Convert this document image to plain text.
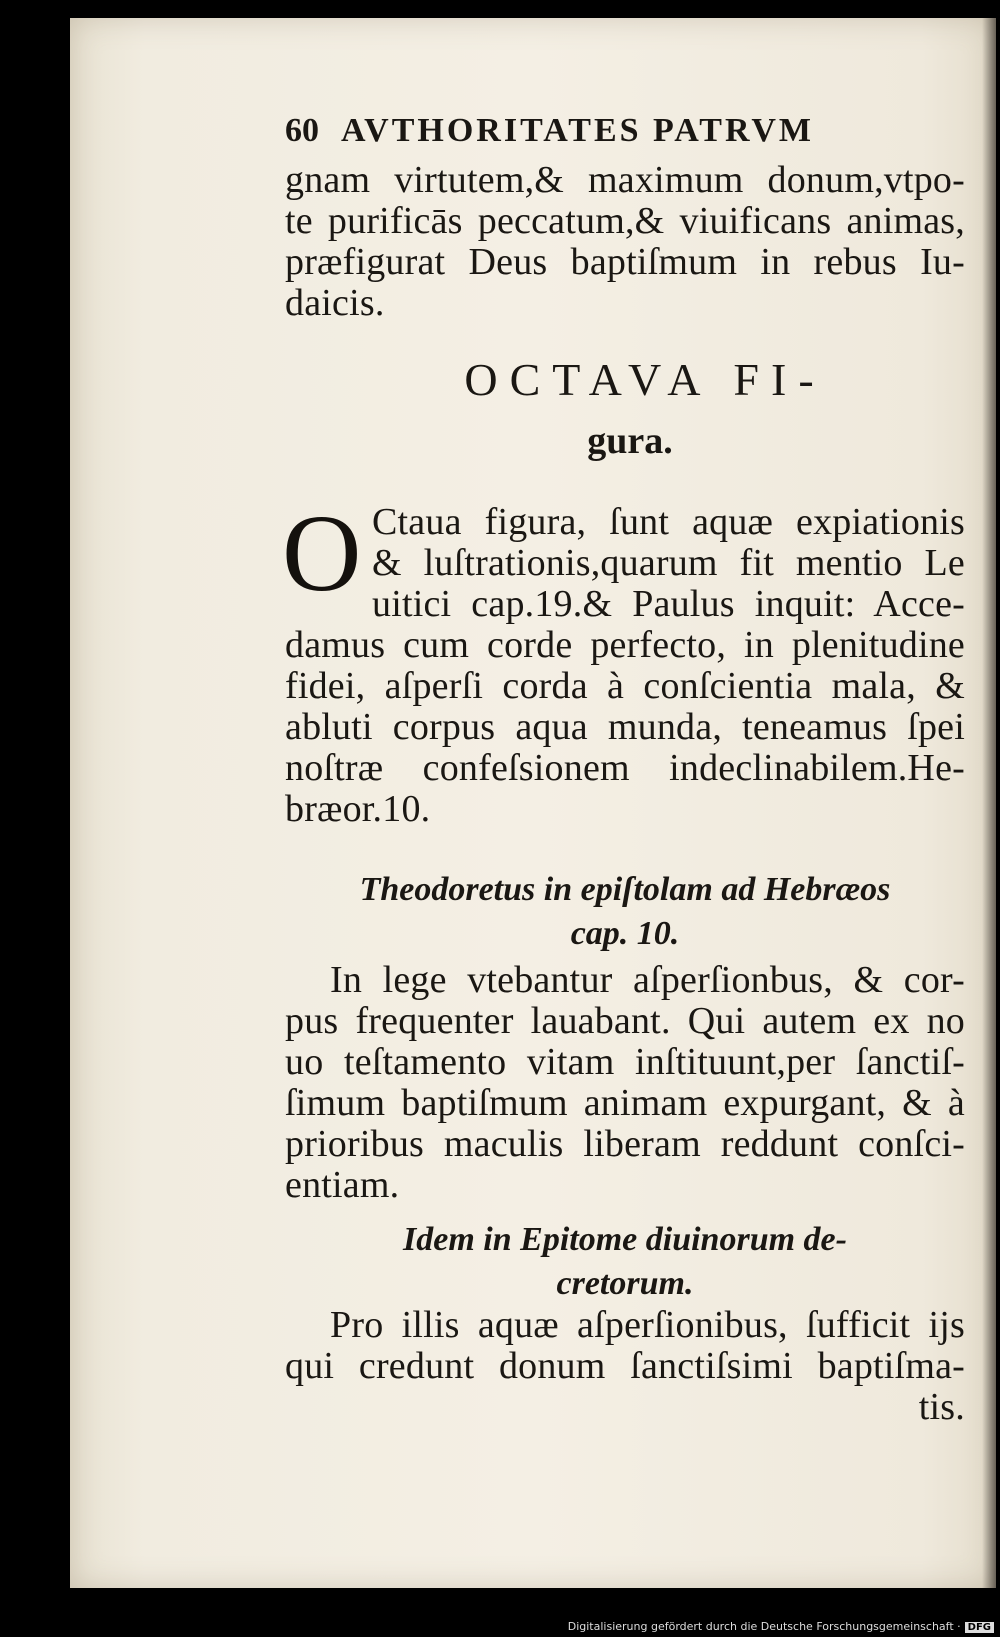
60 AVTHORITATES PATRVM
gnam virtutem,& maximum donum,vtpo-
te purificās peccatum,& viuificans animas,
præfigurat Deus baptiſmum in rebus Iu-
daicis.
OCTAVA FI-
gura.
O Ctaua figura, ſunt aquæ expiationis
& luſtrationis,quarum fit mentio Le
uitici cap.19.& Paulus inquit: Acce-
damus cum corde perfecto, in plenitudine
fidei, aſperſi corda à conſcientia mala, &
abluti corpus aqua munda, teneamus ſpei
noſtræ confeſsionem indeclinabilem.He-
bræor.10.
Theodoretus in epiſtolam ad Hebræos
cap. 10.
In lege vtebantur aſperſionbus, & cor-
pus frequenter lauabant. Qui autem ex no
uo teſtamento vitam inſtituunt,per ſanctiſ-
ſimum baptiſmum animam expurgant, & à
prioribus maculis liberam reddunt conſci-
entiam.
Idem in Epitome diuinorum de-
cretorum.
Pro illis aquæ aſperſionibus, ſufficit ijs
qui credunt donum ſanctiſsimi baptiſma-
tis.
Digitalisierung gefördert durch die Deutsche Forschungsgemeinschaft · DFG
